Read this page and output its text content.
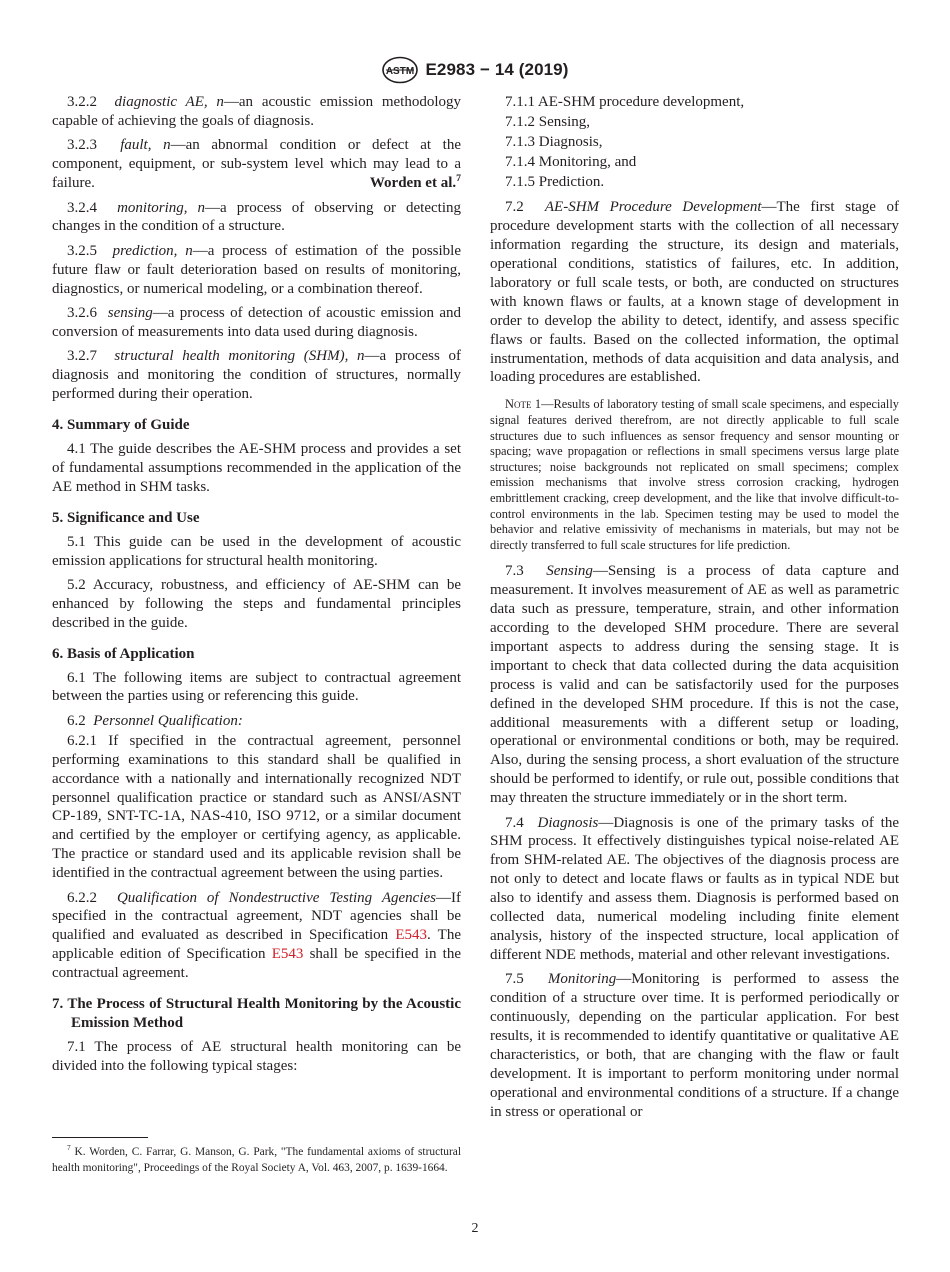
ASTM E2983 − 14 (2019)

3.2.2 diagnostic AE, n—an acoustic emission methodology capable of achieving the goals of diagnosis.

3.2.3 fault, n—an abnormal condition or defect at the component, equipment, or sub-system level which may lead to a failure.	Worden et al.$^7$

3.2.4 monitoring, n—a process of observing or detecting changes in the condition of a structure.

3.2.5 prediction, n—a process of estimation of the possible future flaw or fault deterioration based on results of monitoring, diagnostics, or numerical modeling, or a combination thereof.

3.2.6 sensing—a process of detection of acoustic emission and conversion of measurements into data used during diagnosis.

3.2.7 structural health monitoring (SHM), n—a process of diagnosis and monitoring the condition of structures, normally performed during their operation.

4. Summary of Guide

4.1 The guide describes the AE-SHM process and provides a set of fundamental assumptions recommended in the application of the AE method in SHM tasks.

5. Significance and Use

5.1 This guide can be used in the development of acoustic emission applications for structural health monitoring.

5.2 Accuracy, robustness, and efficiency of AE-SHM can be enhanced by following the steps and fundamental principles described in the guide.

6. Basis of Application

6.1 The following items are subject to contractual agreement between the parties using or referencing this guide.

6.2 Personnel Qualification:

6.2.1 If specified in the contractual agreement, personnel performing examinations to this standard shall be qualified in accordance with a nationally and internationally recognized NDT personnel qualification practice or standard such as ANSI/ASNT CP-189, SNT-TC-1A, NAS-410, ISO 9712, or a similar document and certified by the employer or certifying agency, as applicable. The practice or standard used and its applicable revision shall be identified in the contractual agreement between the using parties.

6.2.2 Qualification of Nondestructive Testing Agencies—If specified in the contractual agreement, NDT agencies shall be qualified and evaluated as described in Specification E543. The applicable edition of Specification E543 shall be specified in the contractual agreement.

7. The Process of Structural Health Monitoring by the Acoustic Emission Method

7.1 The process of AE structural health monitoring can be divided into the following typical stages:

$^7$ K. Worden, C. Farrar, G. Manson, G. Park, "The fundamental axioms of structural health monitoring", Proceedings of the Royal Society A, Vol. 463, 2007, p. 1639-1664.

7.1.1 AE-SHM procedure development,

7.1.2 Sensing,

7.1.3 Diagnosis,

7.1.4 Monitoring, and

7.1.5 Prediction.

7.2 AE-SHM Procedure Development—The first stage of procedure development starts with the collection of all necessary information regarding the structure, its design and materials, operational conditions, statistics of failures, etc. In addition, laboratory or full scale tests, or both, are conducted on structures with known flaws or faults, at a known stage of development in order to develop the ability to detect, identify, and assess specific flaws or faults. Based on the collected information, the optimal instrumentation, methods of data acquisition and data analysis, and loading procedures are established.

Note 1—Results of laboratory testing of small scale specimens, and especially signal features derived therefrom, are not directly applicable to full scale structures due to such influences as sensor frequency and sensor mounting or spacing; wave propagation or reflections in small specimens versus large plate structures; noise backgrounds not replicated on small specimens; complex emission mechanisms that involve stress corrosion cracking, hydrogen embrittlement cracking, creep development, and the like that involve difficult-to-control environments in the lab. Specimen testing may be used to model the behavior and relative emissivity of mechanisms in materials, but may not be directly transferred to full scale structures for life prediction.

7.3 Sensing—Sensing is a process of data capture and measurement. It involves measurement of AE as well as parametric data such as pressure, temperature, strain, and other information according to the developed SHM procedure. There are several important aspects to address during the sensing stage. It is important to check that data collected during the data acquisition process is valid and can be satisfactorily used for the purposes defined in the developed SHM procedure. If this is not the case, additional measurements with a different setup or loading, operational or environmental conditions or both, may be required. Also, during the sensing process, a short evaluation of the structure should be performed to identify, or rule out, possible conditions that may threaten the structure immediately or in the short term.

7.4 Diagnosis—Diagnosis is one of the primary tasks of the SHM process. It effectively distinguishes typical noise-related AE from SHM-related AE. The objectives of the diagnosis process are not only to detect and locate flaws or faults as in typical NDE but also to identify and assess them. Diagnosis is performed based on collected data, numerical modeling including finite element analysis, history of the inspected structure, local application of different NDE methods, material and other relevant investigations.

7.5 Monitoring—Monitoring is performed to assess the condition of a structure over time. It is performed periodically or continuously, depending on the particular application. For best results, it is recommended to identify quantitative or qualitative AE characteristics, or both, that are changing with the flaw or fault development. It is important to perform monitoring under normal operational and environmental conditions of a structure. If a change in stress or operational or

2
